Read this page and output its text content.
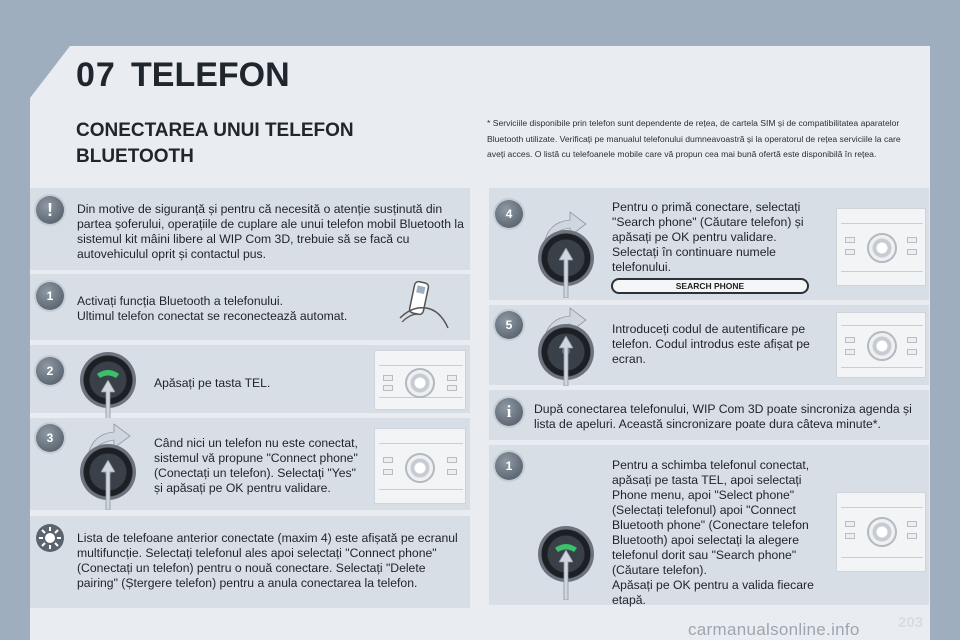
07 TELEFON
CONECTAREA UNUI TELEFON
BLUETOOTH
* Serviciile disponibile prin telefon sunt dependente de rețea, de cartela SIM și de compatibilitatea aparatelor Bluetooth utilizate. Verificați pe manualul telefonului dumneavoastră și la operatorul de rețea serviciile la care aveți acces. O listă cu telefoanele mobile care vă propun cea mai bună ofertă este disponibilă în rețea.
!	Din motive de siguranță și pentru că necesită o atenție susținută din partea șoferului, operațiile de cuplare ale unui telefon mobil Bluetooth la sistemul kit mâini libere al WIP Com 3D, trebuie să se facă cu autovehiculul oprit și contactul pus.
1	Activați funcția Bluetooth a telefonului.
Ultimul telefon conectat se reconectează automat.
2
Apăsați pe tasta TEL.
3	Când nici un telefon nu este conectat, sistemul vă propune "Connect phone" (Conectați un telefon). Selectați "Yes" și apăsați pe OK pentru validare.
Lista de telefoane anterior conectate (maxim 4) este afișată pe ecranul multifuncție. Selectați telefonul ales apoi selectați "Connect phone" (Conectați un telefon) pentru o nouă conectare. Selectați "Delete pairing" (Ștergere telefon) pentru a anula conectarea la telefon.
4	Pentru o primă conectare, selectați "Search phone" (Căutare telefon) și apăsați pe OK pentru validare. Selectați în continuare numele telefonului.
SEARCH PHONE
5	Introduceți codul de autentificare pe telefon. Codul introdus este afișat pe ecran.
i	După conectarea telefonului, WIP Com 3D poate sincroniza agenda și lista de apeluri. Această sincronizare poate dura câteva minute*.
1	Pentru a schimba telefonul conectat, apăsați pe tasta TEL, apoi selectați Phone menu, apoi "Select phone" (Selectați telefonul) apoi "Connect Bluetooth phone" (Conectare telefon Bluetooth) apoi selectați la alegere telefonul dorit sau "Search phone" (Căutare telefon).
Apăsați pe OK pentru a valida fiecare etapă.
carmanualsonline.info	203
